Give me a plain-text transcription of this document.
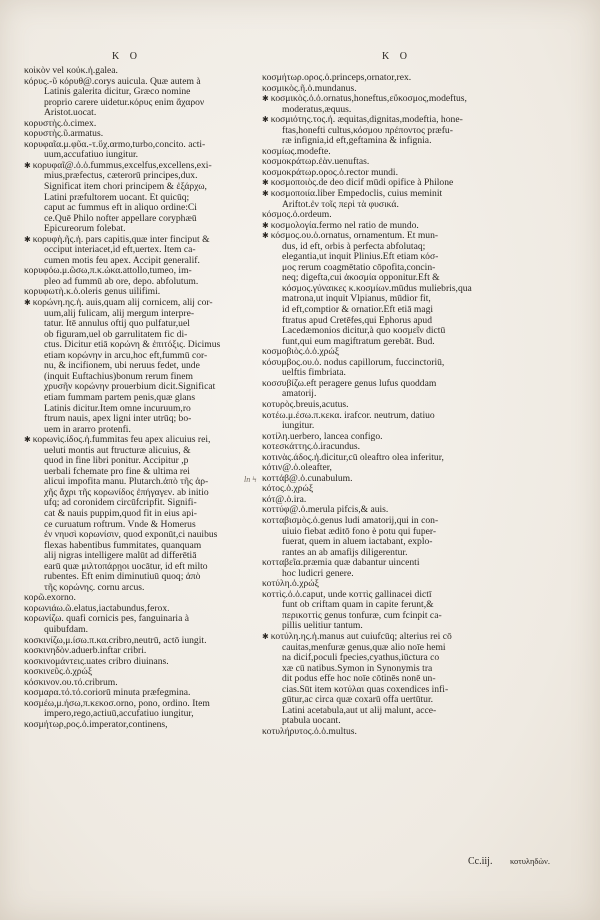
K O	K O
κοὶκὸν vel κοὐκ.ἡ.galea.
κόρυς.-ῦ κόρυθ@.corys auicula. Quæ autem à
Latinis galerita dicitur, Græco nomine
proprio carere uidetur.κόρυς enim ἄχαρον
Aristot.uocat.
κορυστὴς.ὁ.cimex.
κορυστὴς.ῦ.armatus.
κορυφαῖα.μ.φῦα.-τ.ὕχ.αrmo,turbo,concito. acti-
uum,accufatiuo iungitur.
✱ κορυφαῖ@.ὁ.ὁ.fummus,excelfus,excellens,exi-
mius,præfectus, cæterorū principes,dux.
Significat item chori principem & ἐξάρχω,
Latini præfultorem uocant. Et quicūq;
caput ac fummus eft in aliquo ordine:Ci
ce.Quē Philo nofter appellare coryphæū
Epicureorum folebat.
✱ κορυφὴ.ῆς.ἡ. pars capitis,quæ inter finciput &
occiput interiacet,id eft,uertex. Item ca-
cumen motis feu apex. Accipit generalif.
κορυφόω.μ.ῶσω,π.κ.ὡκα.attollo,tumeo, im-
pleo ad fummū ab ore, depo. abfolutum.
κορυφωτὴ.κ.ὁ.oleris genus uilifimi.
✱ κορώνη.ης.ἡ. auis,quam alij cornicem, alij cor-
uum,alij fulicam, alij mergum interpre-
tatur. Itē annulus oftij quo pulfatur,uel
ob figuram,uel ob garrulitatem fic di-
ctus. Dicitur etiā κορώνη & ἐπιτόξις. Dicimus
etiam κορώνην in arcu,hoc eft,fummū cor-
nu, & incifionem, ubi neruus fedet, unde
(inquit Euftachius)bonum rerum finem
χρυσῆν κορώνην prouerbium dicit.Significat
etiam fummam partem penis,quæ glans
Latinis dicitur.Item omne incuruum,ro
ftrum nauis, apex ligni inter utrūq; bo-
uem in ararro protenfi.
✱ κορωνὶς.ίδος.ἡ.fummitas feu apex alicuius rei,
ueluti montis aut ftructuræ alicuius, &
quod in fine libri ponitur. Accipitur ,p
uerbali fchemate pro fine & ultima rei
alicui impofita manu. Plutarch.ἀπὸ τῆς ἀρ-
χῆς ἄχρι τῆς κορωνίδος ἐπήγαγεν. ab initio
ufq; ad coronidem circūfcripfit. Signifi-
cat & nauis puppim,quod fit in eius api-
ce curuatum roftrum. Vnde & Homerus
ἐν νηυσὶ κορωνίσιν, quod exponūt,ci nauibus
flexas habentibus fummitates, quanquam
alij nigras intelligere malūt ad differētiā
earū quæ μιλτοπάρῃοι uocātur, id eft milto
rubentes. Eft enim diminutiuū quoq; ἀπὸ
τῆς κορώνης. cornu arcus.
κορῶ.exorno.
κορωνιάω.ῶ.elatus,iactabundus,ferox.
κορωνίζω. quafi cornicis pes, fanguinaria à
quibufdam.
κοσκινίζω,μ.ίσω.π.κα.cribro,neutrū, actō iungit.
κοσκινηδὸν.aduerb.inftar cribri.
κοσκινομάντεις.uates cribro diuinans.
κοσκινεῦς.ὁ.χρώξ
κόσκινον.ου.τό.cribrum.
κοσμαρα.τό.τό.coriorū minuta præfegmina.
κοσμέω,μ.ήσω,π.κεκοσ.orno, pono, ordino. Item
impero,rego,actiuū,accufatiuo iungitur,
κοσμήτωρ,ρος.ὁ.imperator,continens,
κοσμήτωρ.ορος.ὁ.princeps,ornator,rex.
κοσμικὸς.ῆ.ὁ.mundanus.
✱ κοσμικὸς.ὁ.ὁ.ornatus,honeftus,εὔκοσμος,modeftus,
moderatus,æquus.
✱ κοσμιότης.τος.ἡ. æquitas,dignitas,modeftia, hone-
ftas,honefti cultus,κόσμου πρέποντος præfu-
ræ infignia,id eft,geftamina & infignia.
κοσμίως.modefte.
κοσμοκράτωρ.ἐὰν.uenuftas.
κοσμοκράτωρ.ορος.ὁ.rector mundi.
✱ κοσμοποιὸς.de deo dicif mūdi opifice à Philone
✱ κοσμοποιία.liber Empedoclis, cuius meminit
Ariftot.ἐν τοῖς περὶ τὰ φυσικά.
κόσμος.ὁ.ordeum.
✱ κοσμολογία.fermo nel ratio de mundo.
✱ κόσμος.ου.ὁ.ornatus, ornamentum. Et mun-
dus, id eft, orbis à perfecta abfolutaq;
elegantia,ut inquit Plinius.Eft etiam κόσ-
μος rerum coagmētatio cōpofita,concin-
neq; digefta,cui ἀκοσμία opponitur.Eft &
κόσμος.γύναικες κ.κοσμίων.mūdus muliebris,qua
matrona,ut inquit Vlpianus, mūdior fit,
id eft,comptior & ornatior.Eft etiā magi
ftratus apud Cretēfes,qui Ephorus apud
Lacedæmonios dicitur,à quo κοσμεῖν dictū
funt,qui eum magiftratum gerebāt. Bud.
κοσμοβιὸς.ὁ.ὁ.χρώξ
κόσυμβος.ου.ὁ. nodus capillorum, fuccinctoriū,
uelftis fimbriata.
κοσσυβίζω.eft peragere genus lufus quoddam
amatorij.
κοτυρὸς.breuis,acutus.
κοτέω.μ.έσω.π.κεκα. irafcor. neutrum, datiuo
iungitur.
κοτίλη.uerbero, lancea configo.
κοτεσκάττης.ὁ.iracundus.
κοτινὰς.άδος.ἡ.dicitur,cū oleaftro olea inferitur,
κότιν@.ὁ.oleafter,
κοττάβ@.ὁ.cunabulum.
κότος.ὁ.χρώξ
κότ@.ὁ.ira.
κοττύφ@.ὁ.merula pifcis,& auis.
κοτταβισμὸς.ὁ.genus ludi amatorij,qui in con-
uiuio fiebat æditō fono è potu qui fuper-
fuerat, quem in aluem iactabant, explo-
rantes an ab amafijs diligerentur.
κοτταβεῖα.præmia quæ dabantur uincenti
hoc ludicri genere.
κοτύλη.ὁ.χρώξ
κοττὶς.ὁ.ὁ.caput, unde κοττὶς gallinacei dictī
funt ob criftam quam in capite ferunt,&
περικοττὶς genus tonfuræ, cum fcinpit ca-
pillis uelitiur tantum.
✱ κοτύλη.ης.ἡ.manus aut cuiufcūq; alterius rei cō
cauitas,menfuræ genus,quæ alio noīe hemi
na dicif,poculi fpecies,cyathus,iūctura co
xæ cū natibus.Symon in Synonymis tra
dit podus effe hoc noīe cōtinēs nonē un-
cias.Sūt item κοτύλαι quas coxendices infi-
gūtur,ac circa quæ coxarū offa uertūtur.
Latini acetabula,aut ut alij malunt, acce-
ptabula uocant.
κοτυλήρυτος.ὁ.ὁ.multus.
ln Ϟ
Cc.iij. κοτυληδὼν.
